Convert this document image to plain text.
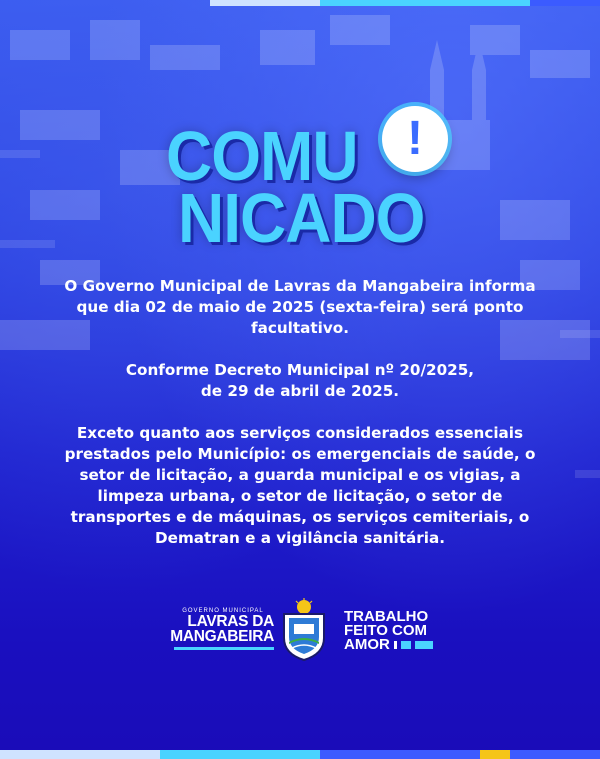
COMU !
NICADO

O Governo Municipal de Lavras da Mangabeira informa que dia 02 de maio de 2025 (sexta-feira) será ponto facultativo.

Conforme Decreto Municipal nº 20/2025,
de 29 de abril de 2025.

Exceto quanto aos serviços considerados essenciais prestados pelo Município: os emergenciais de saúde, o setor de licitação, a guarda municipal e os vigias, a limpeza urbana, o setor de licitação, o setor de transportes e de máquinas, os serviços cemiteriais, o Dematran e a vigilância sanitária.

GOVERNO MUNICIPAL
LAVRAS DA
MANGABEIRA
TRABALHO
FEITO COM
AMOR
